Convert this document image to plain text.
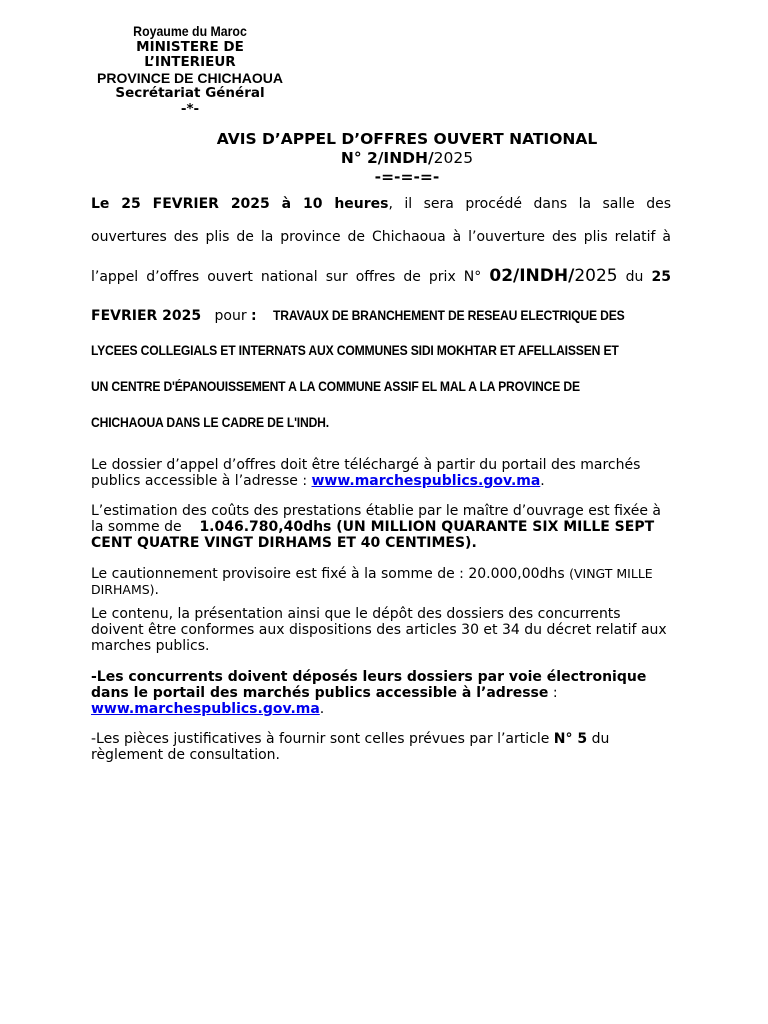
Royaume du Maroc
MINISTERE DE
L’INTERIEUR
PROVINCE DE CHICHAOUA
Secrétariat Général
-*-
AVIS D’APPEL D’OFFRES OUVERT NATIONAL
N° 2/INDH/2025
-=-=-=-
Le 25 FEVRIER 2025 à 10 heures, il sera procédé dans la salle des
ouvertures des plis de la province de Chichaoua à l’ouverture des plis relatif à
l’appel d’offres ouvert national sur offres de prix N° 02/INDH/2025 du 25
FEVRIER 2025 pour : TRAVAUX DE BRANCHEMENT DE RESEAU ELECTRIQUE DES
LYCEES COLLEGIALS ET INTERNATS AUX COMMUNES SIDI MOKHTAR ET AFELLAISSEN ET
UN CENTRE D'ÉPANOUISSEMENT A LA COMMUNE ASSIF EL MAL A LA PROVINCE DE
CHICHAOUA DANS LE CADRE DE L'INDH.
Le dossier d’appel d’offres doit être téléchargé à partir du portail des marchés publics accessible à l’adresse : www.marchespublics.gov.ma.
L’estimation des coûts des prestations établie par le maître d’ouvrage est fixée à la somme de    1.046.780,40dhs (UN MILLION QUARANTE SIX MILLE SEPT CENT QUATRE VINGT DIRHAMS ET 40 CENTIMES).
Le cautionnement provisoire est fixé à la somme de : 20.000,00dhs (VINGT MILLE DIRHAMS).
Le contenu, la présentation ainsi que le dépôt des dossiers des concurrents doivent être conformes aux dispositions des articles 30 et 34 du décret relatif aux marches publics.
-Les concurrents doivent déposés leurs dossiers par voie électronique dans le portail des marchés publics accessible à l’adresse : www.marchespublics.gov.ma.
-Les pièces justificatives à fournir sont celles prévues par l’article N° 5 du règlement de consultation.
